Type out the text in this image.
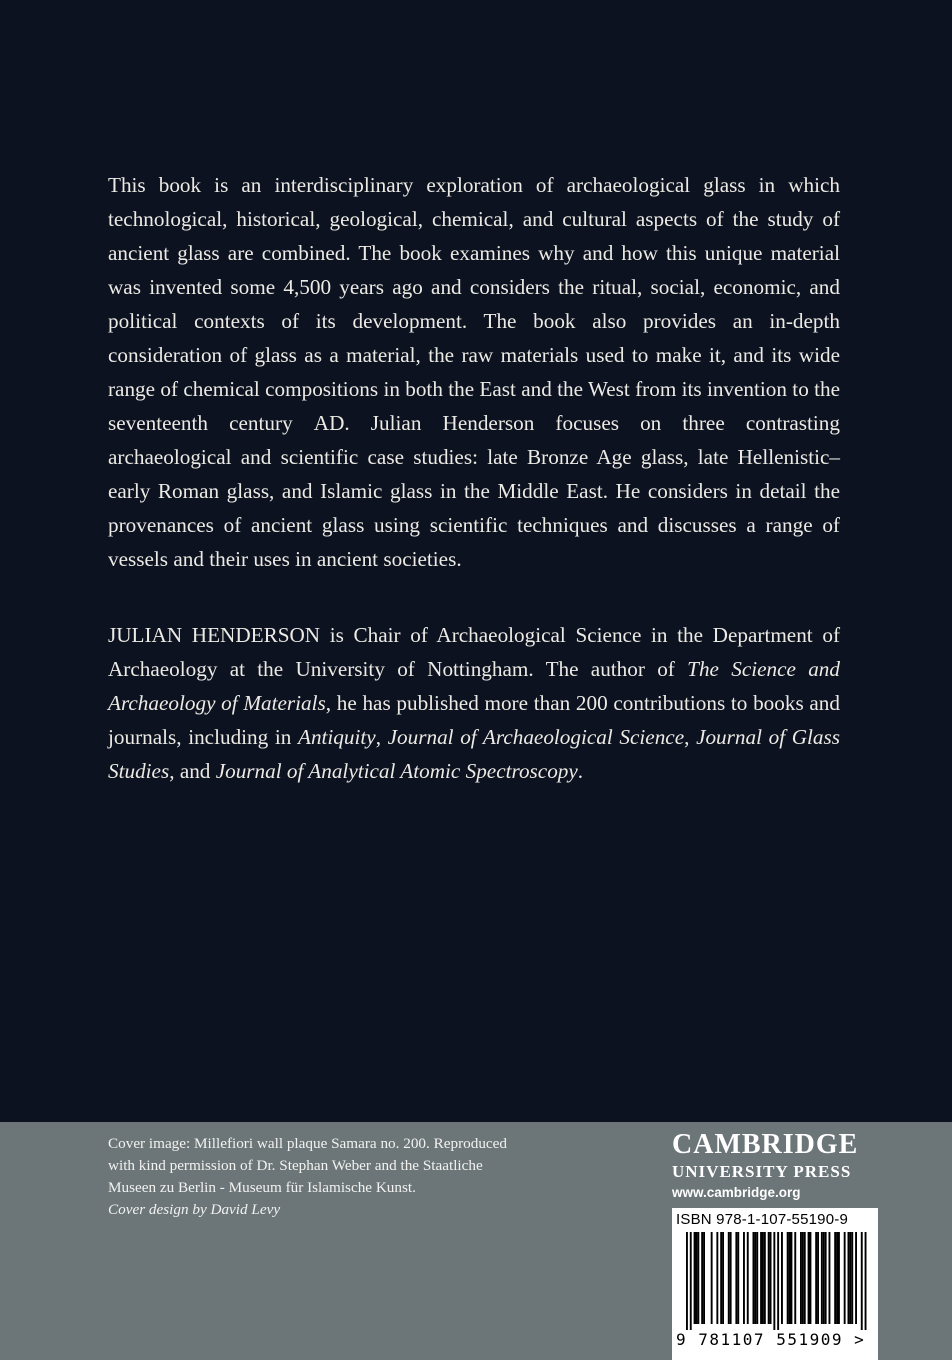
This book is an interdisciplinary exploration of archaeological glass in which technological, historical, geological, chemical, and cultural aspects of the study of ancient glass are combined. The book examines why and how this unique material was invented some 4,500 years ago and considers the ritual, social, economic, and political contexts of its development. The book also provides an in-depth consideration of glass as a material, the raw materials used to make it, and its wide range of chemical compositions in both the East and the West from its invention to the seventeenth century AD. Julian Henderson focuses on three contrasting archaeological and scientific case studies: late Bronze Age glass, late Hellenistic–early Roman glass, and Islamic glass in the Middle East. He considers in detail the provenances of ancient glass using scientific techniques and discusses a range of vessels and their uses in ancient societies.

JULIAN HENDERSON is Chair of Archaeological Science in the Department of Archaeology at the University of Nottingham. The author of The Science and Archaeology of Materials, he has published more than 200 contributions to books and journals, including in Antiquity, Journal of Archaeological Science, Journal of Glass Studies, and Journal of Analytical Atomic Spectroscopy.

Cover image: Millefiori wall plaque Samara no. 200. Reproduced
with kind permission of Dr. Stephan Weber and the Staatliche
Museen zu Berlin - Museum für Islamische Kunst.
Cover design by David Levy
CAMBRIDGE
UNIVERSITY PRESS
www.cambridge.org
ISBN 978-1-107-55190-9
9 781107 551909 >
